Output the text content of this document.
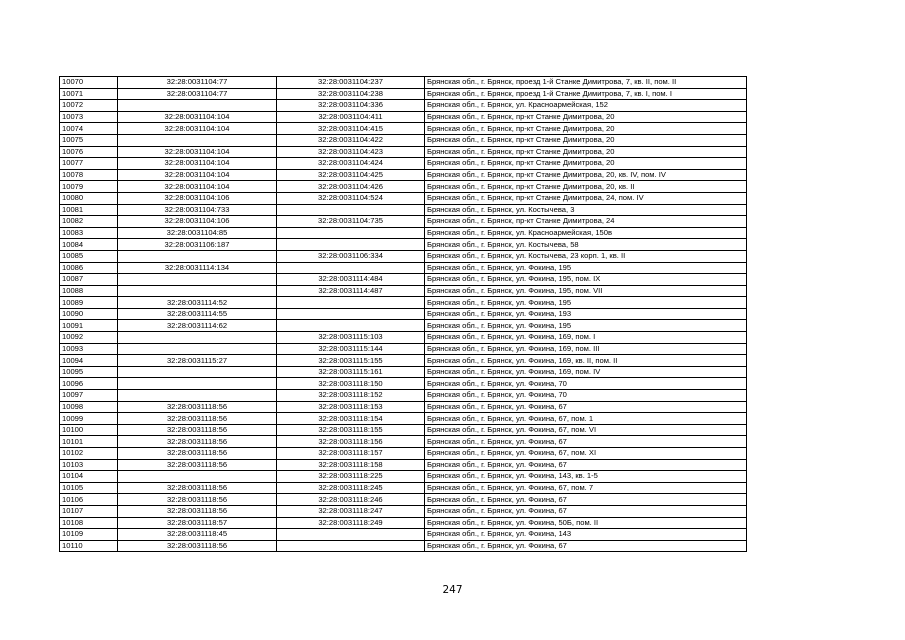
10070	32:28:0031104:77	32:28:0031104:237	Брянская обл., г. Брянск, проезд 1-й Станке Димитрова, 7, кв. II, пом. II
10071	32:28:0031104:77	32:28:0031104:238	Брянская обл., г. Брянск, проезд 1-й Станке Димитрова, 7, кв. I, пом. I
10072		32:28:0031104:336	Брянская обл., г. Брянск, ул. Красноармейская, 152
10073	32:28:0031104:104	32:28:0031104:411	Брянская обл., г. Брянск, пр-кт Станке Димитрова, 20
10074	32:28:0031104:104	32:28:0031104:415	Брянская обл., г. Брянск, пр-кт Станке Димитрова, 20
10075		32:28:0031104:422	Брянская обл., г. Брянск, пр-кт Станке Димитрова, 20
10076	32:28:0031104:104	32:28:0031104:423	Брянская обл., г. Брянск, пр-кт Станке Димитрова, 20
10077	32:28:0031104:104	32:28:0031104:424	Брянская обл., г. Брянск, пр-кт Станке Димитрова, 20
10078	32:28:0031104:104	32:28:0031104:425	Брянская обл., г. Брянск, пр-кт Станке Димитрова, 20, кв. IV, пом. IV
10079	32:28:0031104:104	32:28:0031104:426	Брянская обл., г. Брянск, пр-кт Станке Димитрова, 20, кв. II
10080	32:28:0031104:106	32:28:0031104:524	Брянская обл., г. Брянск, пр-кт Станке Димитрова, 24, пом. IV
10081	32:28:0031104:733		Брянская обл., г. Брянск, ул. Костычева, 3
10082	32:28:0031104:106	32:28:0031104:735	Брянская обл., г. Брянск, пр-кт Станке Димитрова, 24
10083	32:28:0031104:85		Брянская обл., г. Брянск, ул. Красноармейская, 150в
10084	32:28:0031106:187		Брянская обл., г. Брянск, ул. Костычева, 58
10085		32:28:0031106:334	Брянская обл., г. Брянск, ул. Костычева, 23 корп. 1, кв. II
10086	32:28:0031114:134		Брянская обл., г. Брянск, ул. Фокина, 195
10087		32:28:0031114:484	Брянская обл., г. Брянск, ул. Фокина, 195, пом. IX
10088		32:28:0031114:487	Брянская обл., г. Брянск, ул. Фокина, 195, пом. VII
10089	32:28:0031114:52		Брянская обл., г. Брянск, ул. Фокина, 195
10090	32:28:0031114:55		Брянская обл., г. Брянск, ул. Фокина, 193
10091	32:28:0031114:62		Брянская обл., г. Брянск, ул. Фокина, 195
10092		32:28:0031115:103	Брянская обл., г. Брянск, ул. Фокина, 169, пом. I
10093		32:28:0031115:144	Брянская обл., г. Брянск, ул. Фокина, 169, пом. III
10094	32:28:0031115:27	32:28:0031115:155	Брянская обл., г. Брянск, ул. Фокина, 169, кв. II, пом. II
10095		32:28:0031115:161	Брянская обл., г. Брянск, ул. Фокина, 169, пом. IV
10096		32:28:0031118:150	Брянская обл., г. Брянск, ул. Фокина, 70
10097		32:28:0031118:152	Брянская обл., г. Брянск, ул. Фокина, 70
10098	32:28:0031118:56	32:28:0031118:153	Брянская обл., г. Брянск, ул. Фокина, 67
10099	32:28:0031118:56	32:28:0031118:154	Брянская обл., г. Брянск, ул. Фокина, 67, пом. 1
10100	32:28:0031118:56	32:28:0031118:155	Брянская обл., г. Брянск, ул. Фокина, 67, пом. VI
10101	32:28:0031118:56	32:28:0031118:156	Брянская обл., г. Брянск, ул. Фокина, 67
10102	32:28:0031118:56	32:28:0031118:157	Брянская обл., г. Брянск, ул. Фокина, 67, пом. XI
10103	32:28:0031118:56	32:28:0031118:158	Брянская обл., г. Брянск, ул. Фокина, 67
10104		32:28:0031118:225	Брянская обл., г. Брянск, ул. Фокина, 143, кв. 1-5
10105	32:28:0031118:56	32:28:0031118:245	Брянская обл., г. Брянск, ул. Фокина, 67, пом. 7
10106	32:28:0031118:56	32:28:0031118:246	Брянская обл., г. Брянск, ул. Фокина, 67
10107	32:28:0031118:56	32:28:0031118:247	Брянская обл., г. Брянск, ул. Фокина, 67
10108	32:28:0031118:57	32:28:0031118:249	Брянская обл., г. Брянск, ул. Фокина, 50Б, пом. II
10109	32:28:0031118:45		Брянская обл., г. Брянск, ул. Фокина, 143
10110	32:28:0031118:56		Брянская обл., г. Брянск, ул. Фокина, 67
247
